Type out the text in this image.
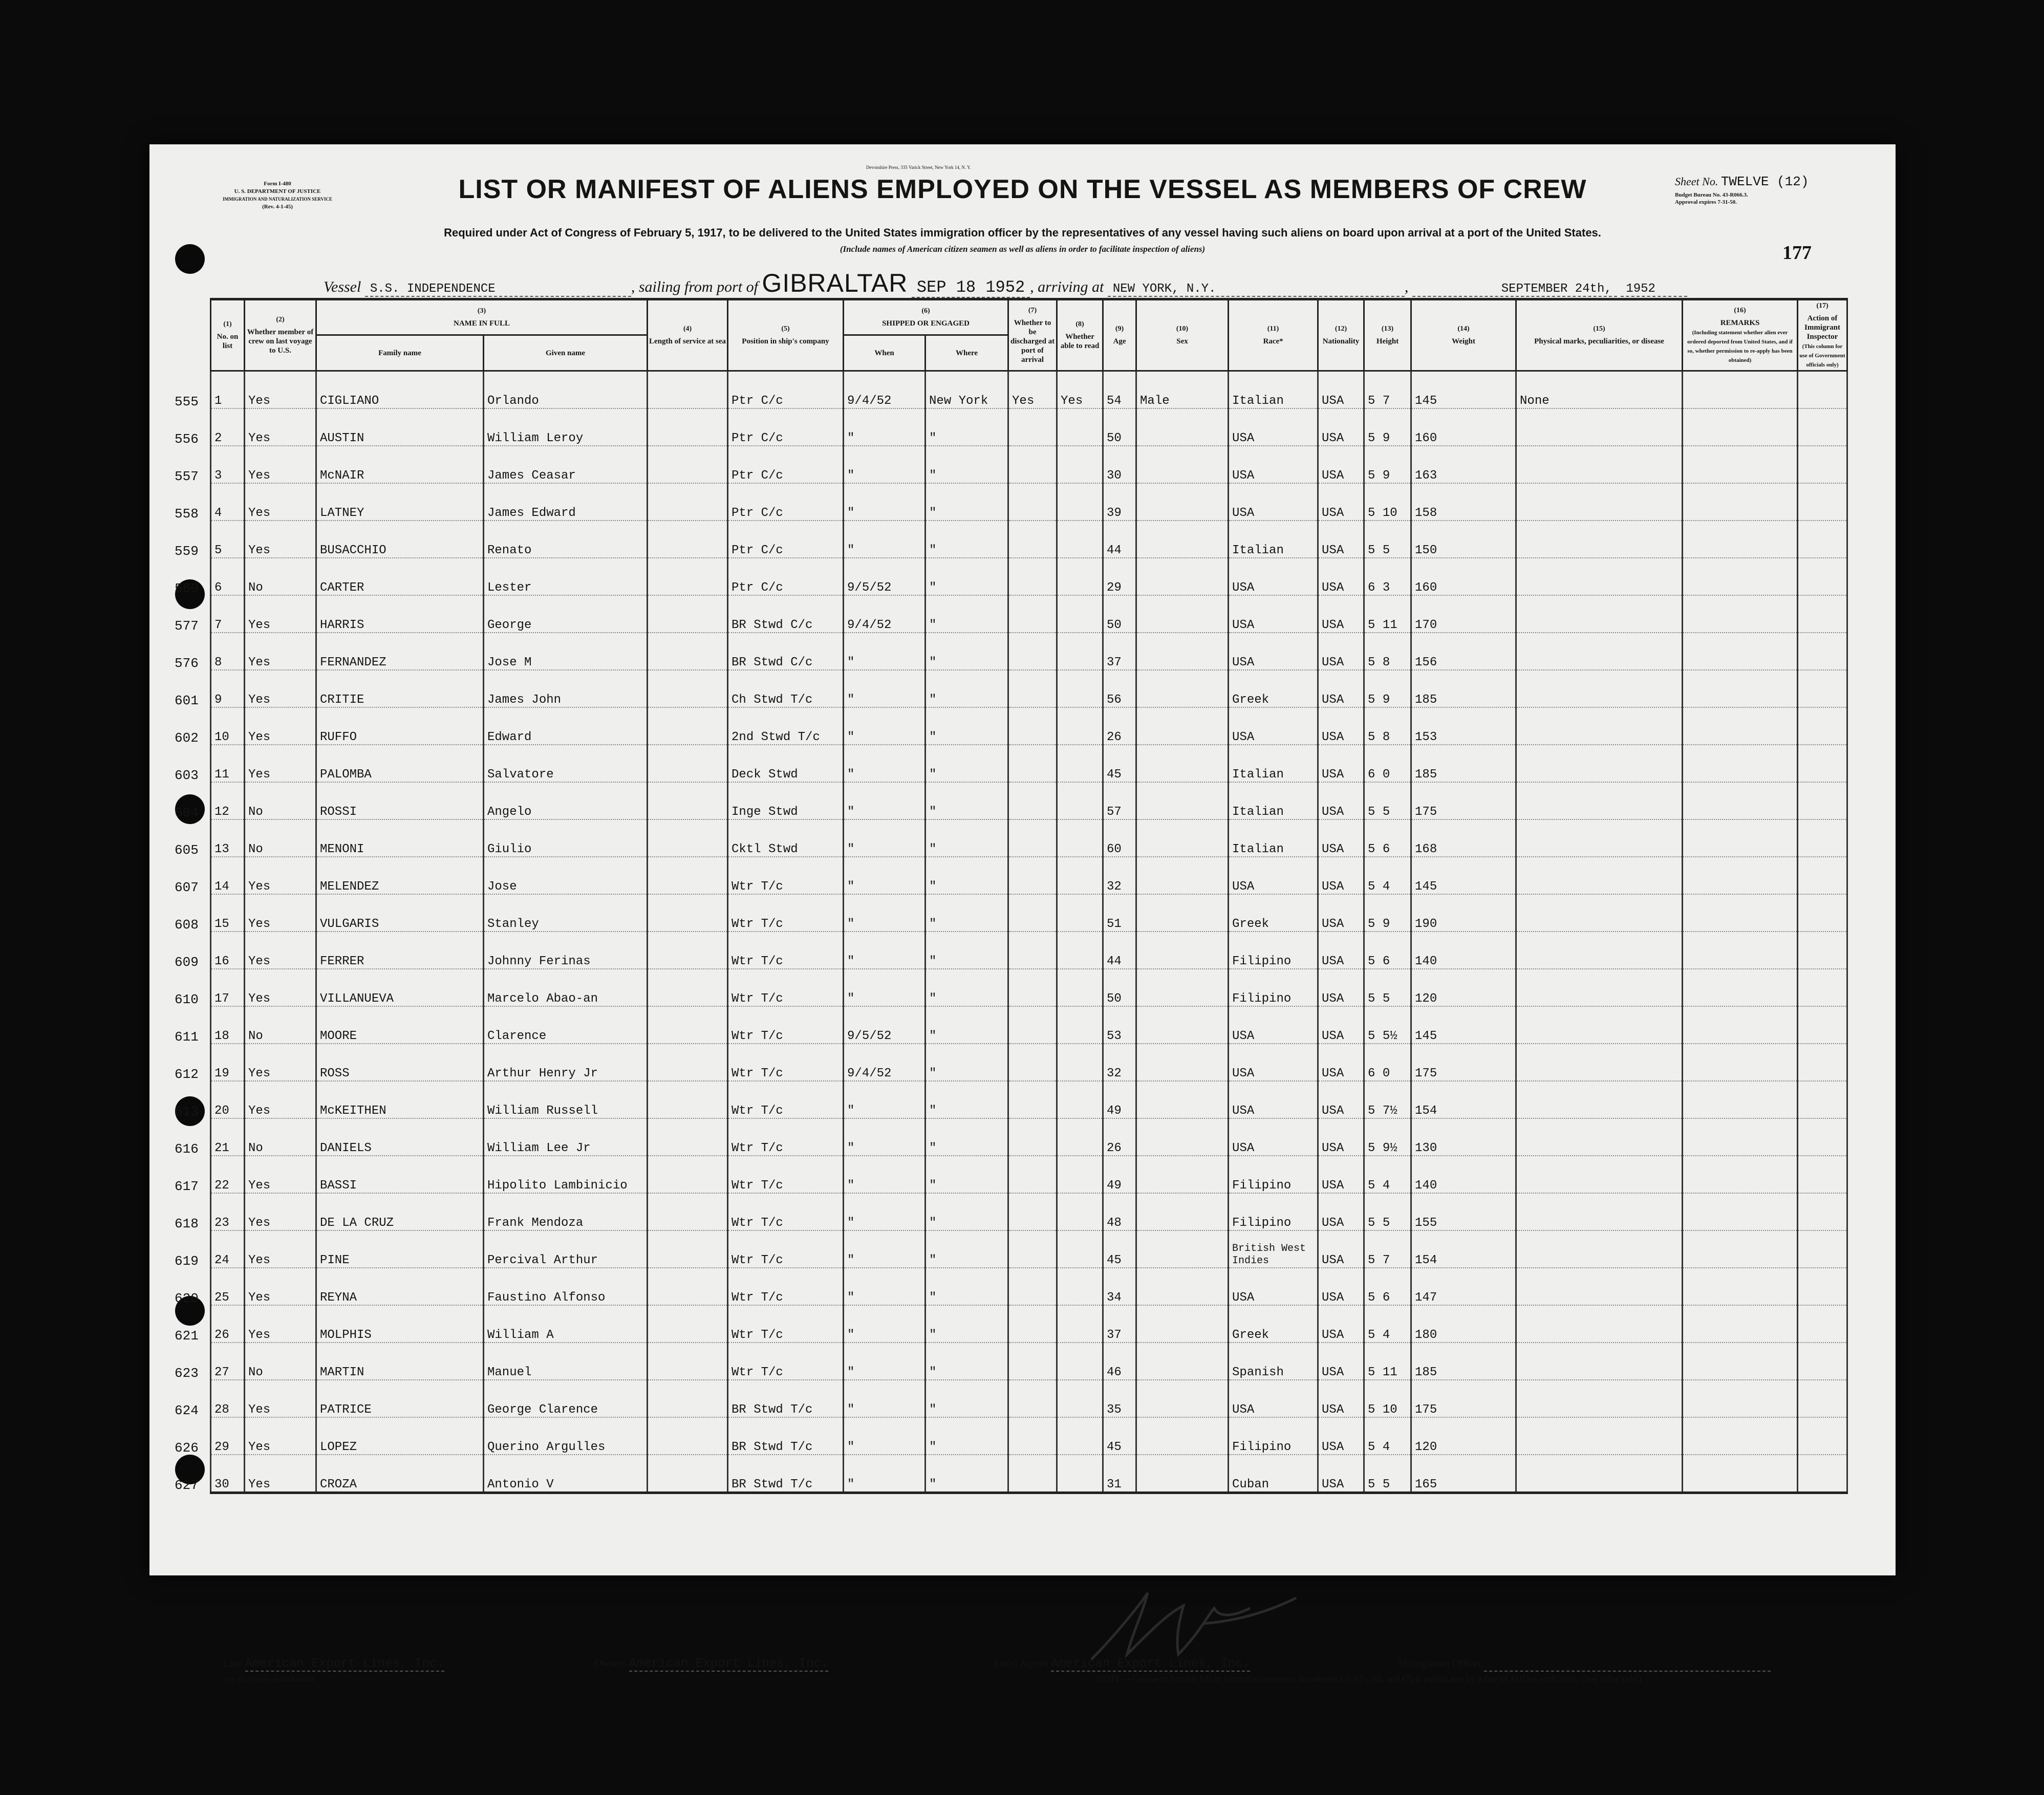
Form I-480
U. S. DEPARTMENT OF JUSTICE
IMMIGRATION AND NATURALIZATION SERVICE
(Rev. 4-1-45)
Devonshire Press, 335 Varick Street, New York 14, N. Y.
LIST OR MANIFEST OF ALIENS EMPLOYED ON THE VESSEL AS MEMBERS OF CREW
Required under Act of Congress of February 5, 1917, to be delivered to the United States immigration officer by the representatives of any vessel having such aliens on board upon arrival at a port of the United States.
(Include names of American citizen seamen as well as aliens in order to facilitate inspection of aliens)
Sheet No. TWELVE (12)
Budget Bureau No. 43-R066.3.
Approval expires 7-31-50.
177
Vessel S.S. INDEPENDENCE	, sailing from port of GIBRALTAR SEP 18 1952 , arriving at NEW YORK, N.Y.	,	SEPTEMBER 24th, 1952
(1)
No. on list	(2)
Whether member of crew on last voyage to U.S.	(3)
NAME IN FULL		(4)
Length of service at sea	(5)
Position in ship's company	(6)
SHIPPED OR ENGAGED		(7)
Whether to be discharged at port of arrival	(8)
Whether able to read	(9)
Age	(10)
Sex	(11)
Race*	(12)
Nationality	(13)
Height	(14)
Weight	(15)
Physical marks, peculiarities, or disease	(16)
REMARKS
(Including statement whether alien ever ordered deported from United States, and if so, whether permission to re-apply has been obtained)	(17)
Action of Immigrant Inspector
(This column for use of Government officials only)
		Family name	Given name			When	Where											

555 1	Yes	CIGLIANO	Orlando		Ptr C/c	9/4/52	New York	Yes	Yes	54	Male	Italian	USA	5 7	145	None		

556 2	Yes	AUSTIN	William Leroy		Ptr C/c	"	"			50		USA	USA	5 9	160			

557 3	Yes	McNAIR	James Ceasar		Ptr C/c	"	"			30		USA	USA	5 9	163			

558 4	Yes	LATNEY	James Edward		Ptr C/c	"	"			39		USA	USA	5 10	158			

559 5	Yes	BUSACCHIO	Renato		Ptr C/c	"	"			44		Italian	USA	5 5	150			

560 6	No	CARTER	Lester		Ptr C/c	9/5/52	"			29		USA	USA	6 3	160			

577 7	Yes	HARRIS	George		BR Stwd C/c	9/4/52	"			50		USA	USA	5 11	170			

576 8	Yes	FERNANDEZ	Jose M		BR Stwd C/c	"	"			37		USA	USA	5 8	156			

601 9	Yes	CRITIE	James John		Ch Stwd T/c	"	"			56		Greek	USA	5 9	185			

602 10	Yes	RUFFO	Edward		2nd Stwd T/c	"	"			26		USA	USA	5 8	153			

603 11	Yes	PALOMBA	Salvatore		Deck Stwd	"	"			45		Italian	USA	6 0	185			

604 12	No	ROSSI	Angelo		Inge Stwd	"	"			57		Italian	USA	5 5	175			

605 13	No	MENONI	Giulio		Cktl Stwd	"	"			60		Italian	USA	5 6	168			

607 14	Yes	MELENDEZ	Jose		Wtr T/c	"	"			32		USA	USA	5 4	145			

608 15	Yes	VULGARIS	Stanley		Wtr T/c	"	"			51		Greek	USA	5 9	190			

609 16	Yes	FERRER	Johnny Ferinas		Wtr T/c	"	"			44		Filipino	USA	5 6	140			

610 17	Yes	VILLANUEVA	Marcelo Abao-an		Wtr T/c	"	"			50		Filipino	USA	5 5	120			

611 18	No	MOORE	Clarence		Wtr T/c	9/5/52	"			53		USA	USA	5 5½	145			

612 19	Yes	ROSS	Arthur Henry Jr		Wtr T/c	9/4/52	"			32		USA	USA	6 0	175			

613 20	Yes	McKEITHEN	William Russell		Wtr T/c	"	"			49		USA	USA	5 7½	154			

616 21	No	DANIELS	William Lee Jr		Wtr T/c	"	"			26		USA	USA	5 9½	130			

617 22	Yes	BASSI	Hipolito Lambinicio		Wtr T/c	"	"			49		Filipino	USA	5 4	140			

618 23	Yes	DE LA CRUZ	Frank Mendoza		Wtr T/c	"	"			48		Filipino	USA	5 5	155			

619 24	Yes	PINE	Percival Arthur		Wtr T/c	"	"			45		British West Indies	USA	5 7	154			

620 25	Yes	REYNA	Faustino Alfonso		Wtr T/c	"	"			34		USA	USA	5 6	147			

621 26	Yes	MOLPHIS	William A		Wtr T/c	"	"			37		Greek	USA	5 4	180			

623 27	No	MARTIN	Manuel		Wtr T/c	"	"			46		Spanish	USA	5 11	185			

624 28	Yes	PATRICE	George Clarence		BR Stwd T/c	"	"			35		USA	USA	5 10	175			

626 29	Yes	LOPEZ	Querino Argulles		BR Stwd T/c	"	"			45		Filipino	USA	5 4	120			

627 30	Yes	CROZA	Antonio V		BR Stwd T/c	"	"			31		Cuban	USA	5 5	165			
Line American Export Lines, Inc.	Owners American Export Lines, Inc.	Local Agents American Export Lines, Inc.	Immigration Officer
*See list of races on back hereof.	NOTE.—Failure to furnish full or correct information in columns (3), (5), (6), and (7) is punishable by a fine of $10 for each alien. (See other side.)
